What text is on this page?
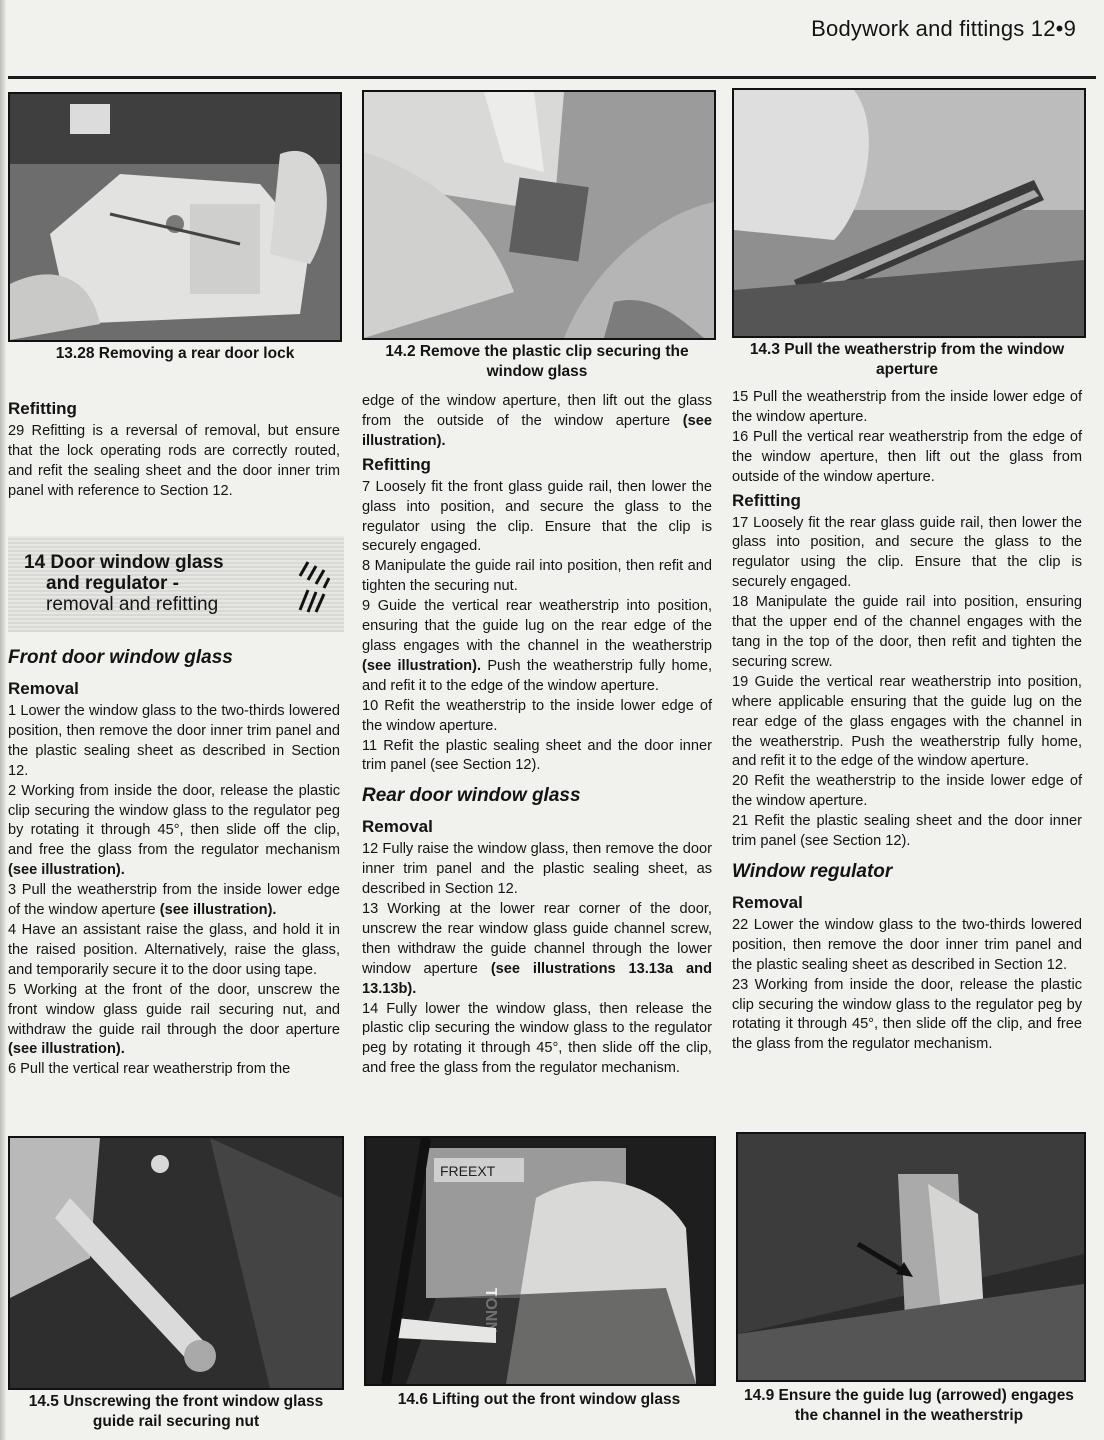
Bodywork and fittings 12•9
13.28 Removing a rear door lock	14.2 Remove the plastic clip securing the window glass
14.3 Pull the weatherstrip from the window aperture
Refitting

29 Refitting is a reversal of removal, but ensure that the lock operating rods are correctly routed, and refit the sealing sheet and the door inner trim panel with reference to Section 12.

14 Door window glass
and regulator -
removal and refitting
Front door window glass
Removal

1 Lower the window glass to the two-thirds lowered position, then remove the door inner trim panel and the plastic sealing sheet as described in Section 12.

2 Working from inside the door, release the plastic clip securing the window glass to the regulator peg by rotating it through 45°, then slide off the clip, and free the glass from the regulator mechanism (see illustration).

3 Pull the weatherstrip from the inside lower edge of the window aperture (see illustration).

4 Have an assistant raise the glass, and hold it in the raised position. Alternatively, raise the glass, and temporarily secure it to the door using tape.

5 Working at the front of the door, unscrew the front window glass guide rail securing nut, and withdraw the guide rail through the door aperture (see illustration).

6 Pull the vertical rear weatherstrip from the

edge of the window aperture, then lift out the glass from the outside of the window aperture (see illustration).

Refitting

7 Loosely fit the front glass guide rail, then lower the glass into position, and secure the glass to the regulator using the clip. Ensure that the clip is securely engaged.

8 Manipulate the guide rail into position, then refit and tighten the securing nut.

9 Guide the vertical rear weatherstrip into position, ensuring that the guide lug on the rear edge of the glass engages with the channel in the weatherstrip (see illustration). Push the weatherstrip fully home, and refit it to the edge of the window aperture.

10 Refit the weatherstrip to the inside lower edge of the window aperture.

11 Refit the plastic sealing sheet and the door inner trim panel (see Section 12).

Rear door window glass
Removal

12 Fully raise the window glass, then remove the door inner trim panel and the plastic sealing sheet, as described in Section 12.

13 Working at the lower rear corner of the door, unscrew the rear window glass guide channel screw, then withdraw the guide channel through the lower window aperture (see illustrations 13.13a and 13.13b).

14 Fully lower the window glass, then release the plastic clip securing the window glass to the regulator peg by rotating it through 45°, then slide off the clip, and free the glass from the regulator mechanism.

15 Pull the weatherstrip from the inside lower edge of the window aperture.

16 Pull the vertical rear weatherstrip from the edge of the window aperture, then lift out the glass from outside of the window aperture.

Refitting

17 Loosely fit the rear glass guide rail, then lower the glass into position, and secure the glass to the regulator using the clip. Ensure that the clip is securely engaged.

18 Manipulate the guide rail into position, ensuring that the upper end of the channel engages with the tang in the top of the door, then refit and tighten the securing screw.

19 Guide the vertical rear weatherstrip into position, where applicable ensuring that the guide lug on the rear edge of the glass engages with the channel in the weatherstrip. Push the weatherstrip fully home, and refit it to the edge of the window aperture.

20 Refit the weatherstrip to the inside lower edge of the window aperture.

21 Refit the plastic sealing sheet and the door inner trim panel (see Section 12).

Window regulator
Removal

22 Lower the window glass to the two-thirds lowered position, then remove the door inner trim panel and the plastic sealing sheet as described in Section 12.

23 Working from inside the door, release the plastic clip securing the window glass to the regulator peg by rotating it through 45°, then slide off the clip, and free the glass from the regulator mechanism.

14.5 Unscrewing the front window glass guide rail securing nut
FREEXT
14.6 Lifting out the front window glass	14.9 Ensure the guide lug (arrowed) engages the channel in the weatherstrip
